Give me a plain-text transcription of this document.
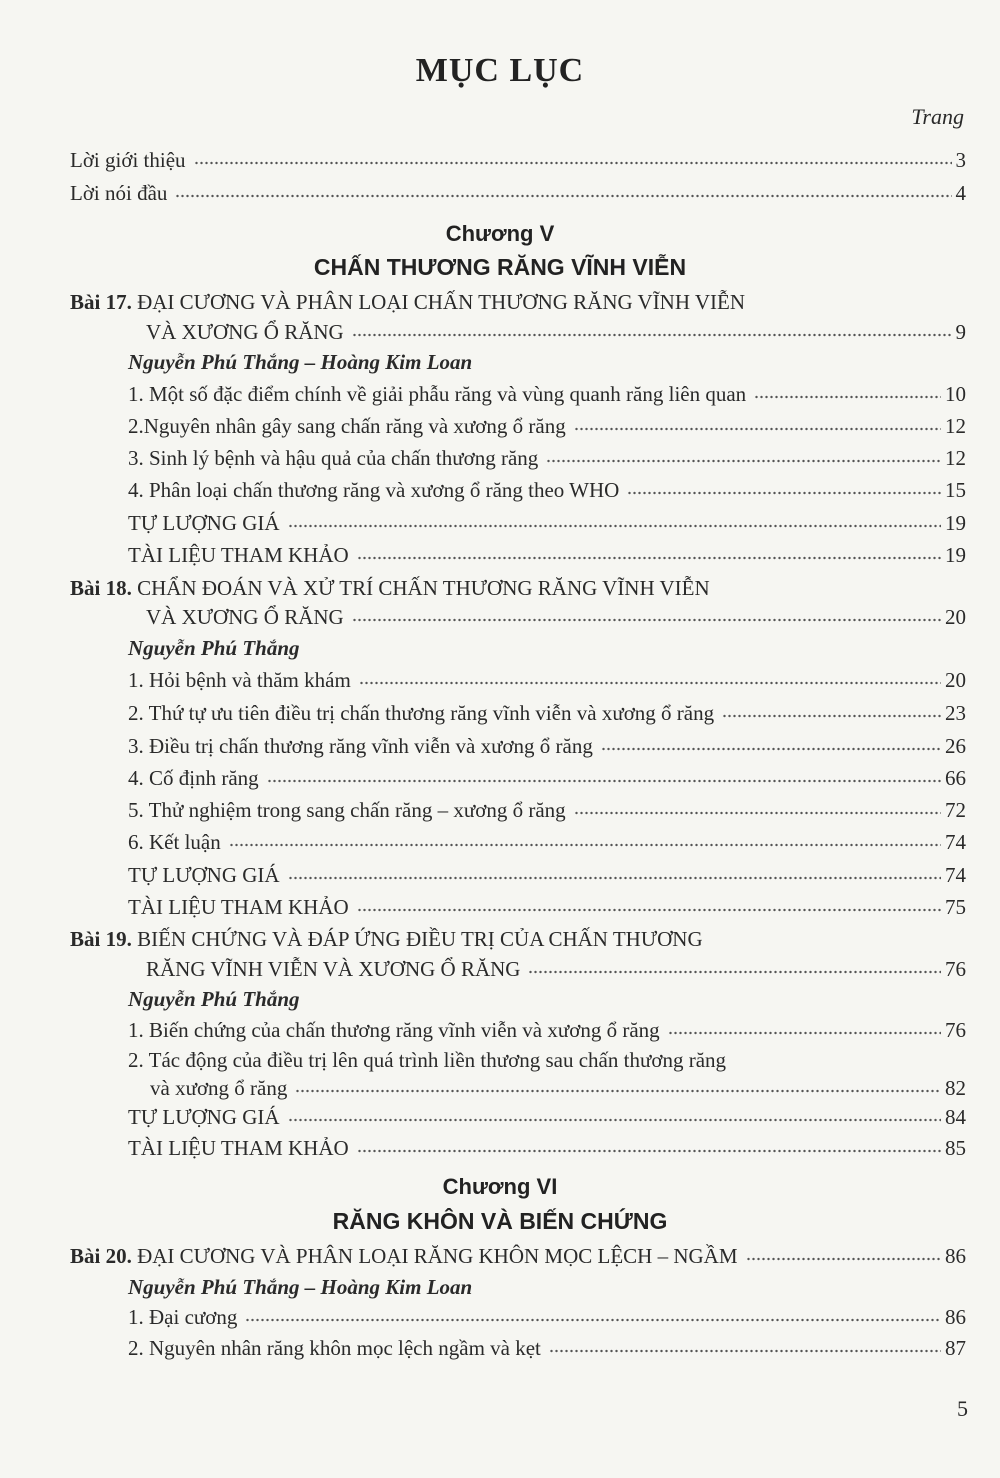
MỤC LỤC
Trang
Lời giới thiệu	3
Lời nói đầu	4
Chương V
CHẤN THƯƠNG RĂNG VĨNH VIỄN
Bài 17. ĐẠI CƯƠNG VÀ PHÂN LOẠI CHẤN THƯƠNG RĂNG VĨNH VIỄN
VÀ XƯƠNG Ổ RĂNG	9
Nguyễn Phú Thắng – Hoàng Kim Loan
1. Một số đặc điểm chính về giải phẫu răng và vùng quanh răng liên quan	10
2.Nguyên nhân gây sang chấn răng và xương ổ răng	12
3. Sinh lý bệnh và hậu quả của chấn thương răng	12
4. Phân loại chấn thương răng và xương ổ răng theo WHO	15
TỰ LƯỢNG GIÁ	19
TÀI LIỆU THAM KHẢO	19
Bài 18. CHẨN ĐOÁN VÀ XỬ TRÍ CHẤN THƯƠNG RĂNG VĨNH VIỄN
VÀ XƯƠNG Ổ RĂNG	20
Nguyễn Phú Thắng
1. Hỏi bệnh và thăm khám	20
2. Thứ tự ưu tiên điều trị chấn thương răng vĩnh viễn và xương ổ răng	23
3. Điều trị chấn thương răng vĩnh viễn và xương ổ răng	26
4. Cố định răng	66
5. Thử nghiệm trong sang chấn răng – xương ổ răng	72
6. Kết luận	74
TỰ LƯỢNG GIÁ	74
TÀI LIỆU THAM KHẢO	75
Bài 19. BIẾN CHỨNG VÀ ĐÁP ỨNG ĐIỀU TRỊ CỦA CHẤN THƯƠNG
RĂNG VĨNH VIỄN VÀ XƯƠNG Ổ RĂNG	76
Nguyễn Phú Thắng
1. Biến chứng của chấn thương răng vĩnh viễn và xương ổ răng	76
2. Tác động của điều trị lên quá trình liền thương sau chấn thương răng
và xương ổ răng	82
TỰ LƯỢNG GIÁ	84
TÀI LIỆU THAM KHẢO	85
Chương VI
RĂNG KHÔN VÀ BIẾN CHỨNG
Bài 20. ĐẠI CƯƠNG VÀ PHÂN LOẠI RĂNG KHÔN MỌC LỆCH – NGẦM	86
Nguyễn Phú Thắng – Hoàng Kim Loan
1. Đại cương	86
2. Nguyên nhân răng khôn mọc lệch ngầm và kẹt	87
5
